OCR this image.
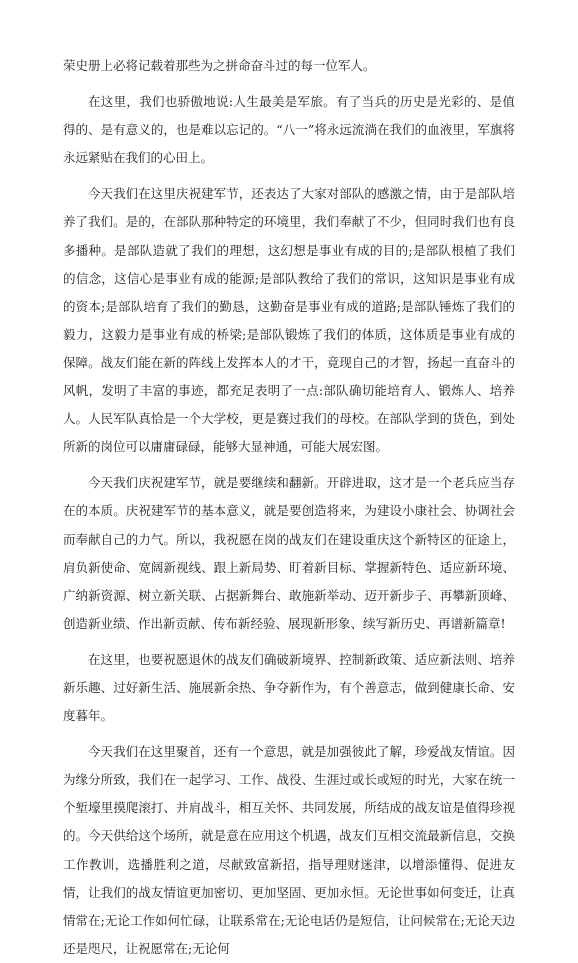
荣史册上必将记载着那些为之拼命奋斗过的每一位军人。

在这里，我们也骄傲地说:人生最美是军旅。有了当兵的历史是光彩的、是值得的、是有意义的，也是难以忘记的。“八一”将永远流淌在我们的血液里，军旗将永远紧贴在我们的心田上。

今天我们在这里庆祝建军节，还表达了大家对部队的感激之情，由于是部队培养了我们。是的，在部队那种特定的环境里，我们奉献了不少，但同时我们也有良多播种。是部队造就了我们的理想，这幻想是事业有成的目的;是部队根植了我们的信念，这信心是事业有成的能源;是部队教给了我们的常识，这知识是事业有成的资本;是部队培育了我们的勤恳，这勤奋是事业有成的道路;是部队锤炼了我们的毅力，这毅力是事业有成的桥梁;是部队锻炼了我们的体质，这体质是事业有成的保障。战友们能在新的阵线上发挥本人的才干，竟现自己的才智，扬起一直奋斗的风帆，发明了丰富的事迹，都充足表明了一点:部队确切能培育人、锻炼人、培养人。人民军队真恰是一个大学校，更是赛过我们的母校。在部队学到的货色，到处所新的岗位可以庸庸碌碌，能够大显神通，可能大展宏图。

今天我们庆祝建军节，就是要继续和翻新。开辟进取，这才是一个老兵应当存在的本质。庆祝建军节的基本意义，就是要创造将来，为建设小康社会、协调社会而奉献自己的力气。所以，我祝愿在岗的战友们在建设重庆这个新特区的征途上，肩负新使命、宽阔新视线、跟上新局势、盯着新目标、掌握新特色、适应新环境、广纳新资源、树立新关联、占据新舞台、敢施新举动、迈开新步子、再攀新顶峰、创造新业绩、作出新贡献、传布新经验、展现新形象、续写新历史、再谱新篇章!

在这里，也要祝愿退休的战友们确破新境界、控制新政策、适应新法则、培养新乐趣、过好新生活、施展新余热、争夺新作为，有个善意志，做到健康长命、安度暮年。

今天我们在这里聚首，还有一个意思，就是加强彼此了解，珍爱战友情谊。因为缘分所致，我们在一起学习、工作、战役、生涯过或长或短的时光，大家在统一个堑壕里摸爬滚打、并肩战斗，相互关怀、共同发展，所结成的战友谊是值得珍视的。今天供给这个场所，就是意在应用这个机遇，战友们互相交流最新信息，交换工作教训，选播胜利之道，尽献致富新招，指导理财迷津，以增添懂得、促进友情，让我们的战友情谊更加密切、更加坚固、更加永恒。无论世事如何变迁，让真情常在;无论工作如何忙碌，让联系常在;无论电话仍是短信，让问候常在;无论天边还是咫尺，让祝愿常在;无论何
